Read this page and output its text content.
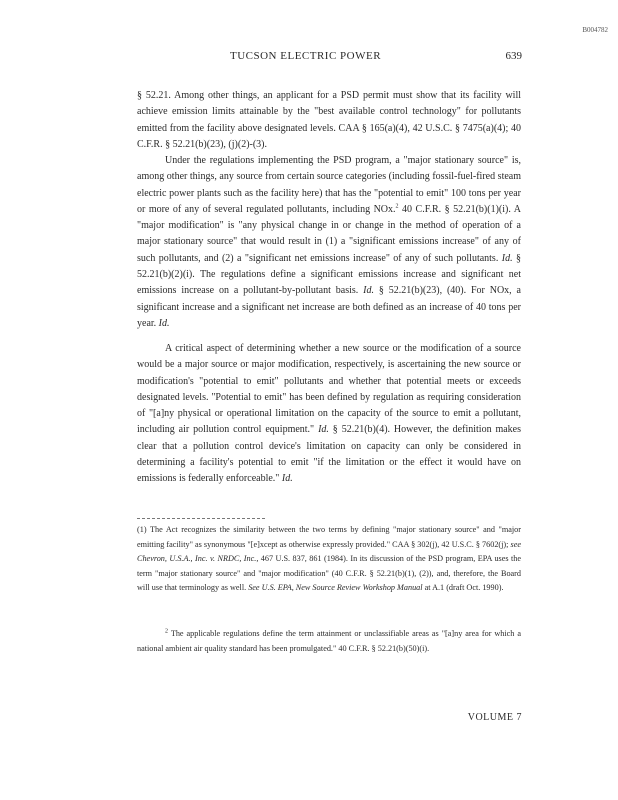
B004782
TUCSON ELECTRIC POWER	639

§ 52.21. Among other things, an applicant for a PSD permit must show that its facility will achieve emission limits attainable by the "best available control technology" for pollutants emitted from the facility above designated levels. CAA § 165(a)(4), 42 U.S.C. § 7475(a)(4); 40 C.F.R. § 52.21(b)(23), (j)(2)-(3).

Under the regulations implementing the PSD program, a "major stationary source" is, among other things, any source from certain source categories (including fossil-fuel-fired steam electric power plants such as the facility here) that has the "potential to emit" 100 tons per year or more of any of several regulated pollutants, including NOx.$^2$ 40 C.F.R. § 52.21(b)(1)(i). A "major modification" is "any physical change in or change in the method of operation of a major stationary source" that would result in (1) a "significant emissions increase" of any of such pollutants, and (2) a "significant net emissions increase" of any of such pollutants. Id. § 52.21(b)(2)(i). The regulations define a significant emissions increase and significant net emissions increase on a pollutant-by-pollutant basis. Id. § 52.21(b)(23), (40). For NOx, a significant increase and a significant net increase are both defined as an increase of 40 tons per year. Id.

A critical aspect of determining whether a new source or the modification of a source would be a major source or major modification, respectively, is ascertaining the new source or modification's "potential to emit" pollutants and whether that potential meets or exceeds designated levels. "Potential to emit" has been defined by regulation as requiring consideration of "[a]ny physical or operational limitation on the capacity of the source to emit a pollutant, including air pollution control equipment." Id. § 52.21(b)(4). However, the definition makes clear that a pollution control device's limitation on capacity can only be considered in determining a facility's potential to emit "if the limitation or the effect it would have on emissions is federally enforceable." Id.

(1) The Act recognizes the similarity between the two terms by defining "major stationary source" and "major emitting facility" as synonymous "[e]xcept as otherwise expressly provided." CAA § 302(j), 42 U.S.C. § 7602(j); see Chevron, U.S.A., Inc. v. NRDC, Inc., 467 U.S. 837, 861 (1984). In its discussion of the PSD program, EPA uses the term "major stationary source" and "major modification" (40 C.F.R. § 52.21(b)(1), (2)), and, therefore, the Board will use that terminology as well. See U.S. EPA, New Source Review Workshop Manual at A.1 (draft Oct. 1990).

$^2$ The applicable regulations define the term attainment or unclassifiable areas as "[a]ny area for which a national ambient air quality standard has been promulgated." 40 C.F.R. § 52.21(b)(50)(i).

VOLUME 7
